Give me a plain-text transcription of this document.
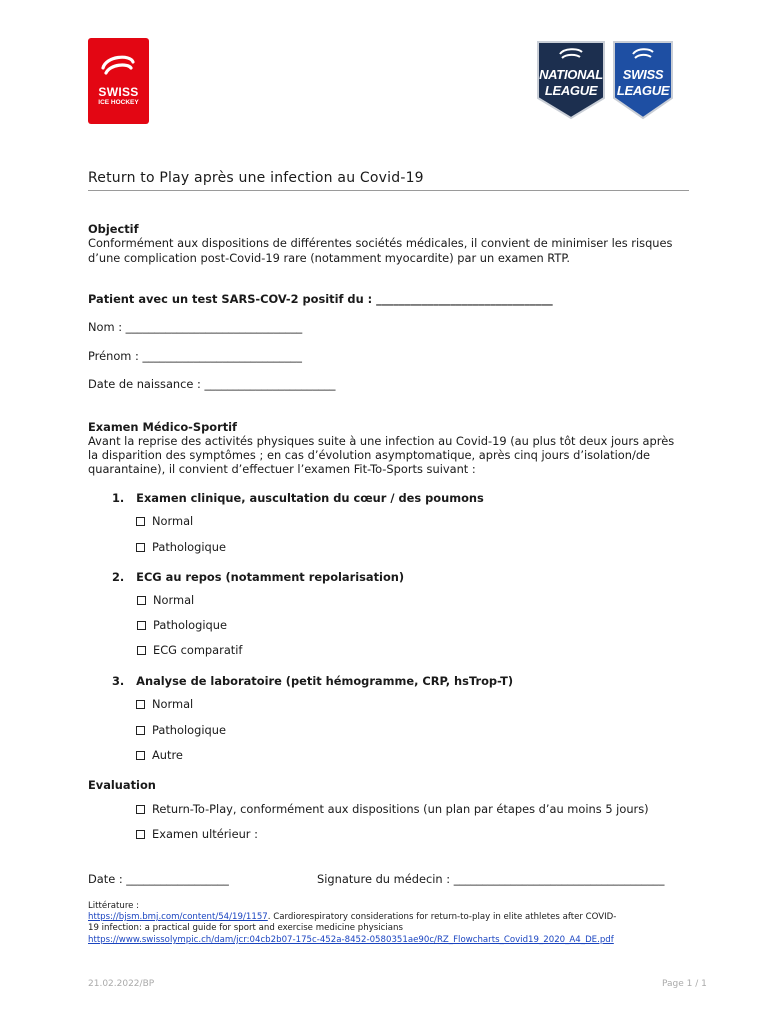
SWISS
ICE HOCKEY
NATIONAL
LEAGUE
SWISS
LEAGUE
Return to Play après une infection au Covid-19

Objectif

Conformément aux dispositions de différentes sociétés médicales, il convient de minimiser les risques

d’une complication post-Covid-19 rare (notamment myocardite) par un examen RTP.

Patient avec un test SARS-COV-2 positif du : _______________________________

Nom : _______________________________

Prénom : ____________________________

Date de naissance : _______________________

Examen Médico-Sportif

Avant la reprise des activités physiques suite à une infection au Covid-19 (au plus tôt deux jours après

la disparition des symptômes ; en cas d’évolution asymptomatique, après cinq jours d’isolation/de

quarantaine), il convient d’effectuer l’examen Fit-To-Sports suivant :

1. Examen clinique, auscultation du cœur / des poumons
Normal
Pathologique
2. ECG au repos (notamment repolarisation)
Normal
Pathologique
ECG comparatif
3. Analyse de laboratoire (petit hémogramme, CRP, hsTrop-T)
Normal
Pathologique
Autre

Evaluation

Return-To-Play, conformément aux dispositions (un plan par étapes d’au moins 5 jours)
Examen ultérieur :

Date : __________________	Signature du médecin : _____________________________________

Littérature :

https://bjsm.bmj.com/content/54/19/1157. Cardiorespiratory considerations for return-to-play in elite athletes after COVID-

19 infection: a practical guide for sport and exercise medicine physicians

https://www.swissolympic.ch/dam/jcr:04cb2b07-175c-452a-8452-0580351ae90c/RZ_Flowcharts_Covid19_2020_A4_DE.pdf

21.02.2022/BP	Page 1 / 1
